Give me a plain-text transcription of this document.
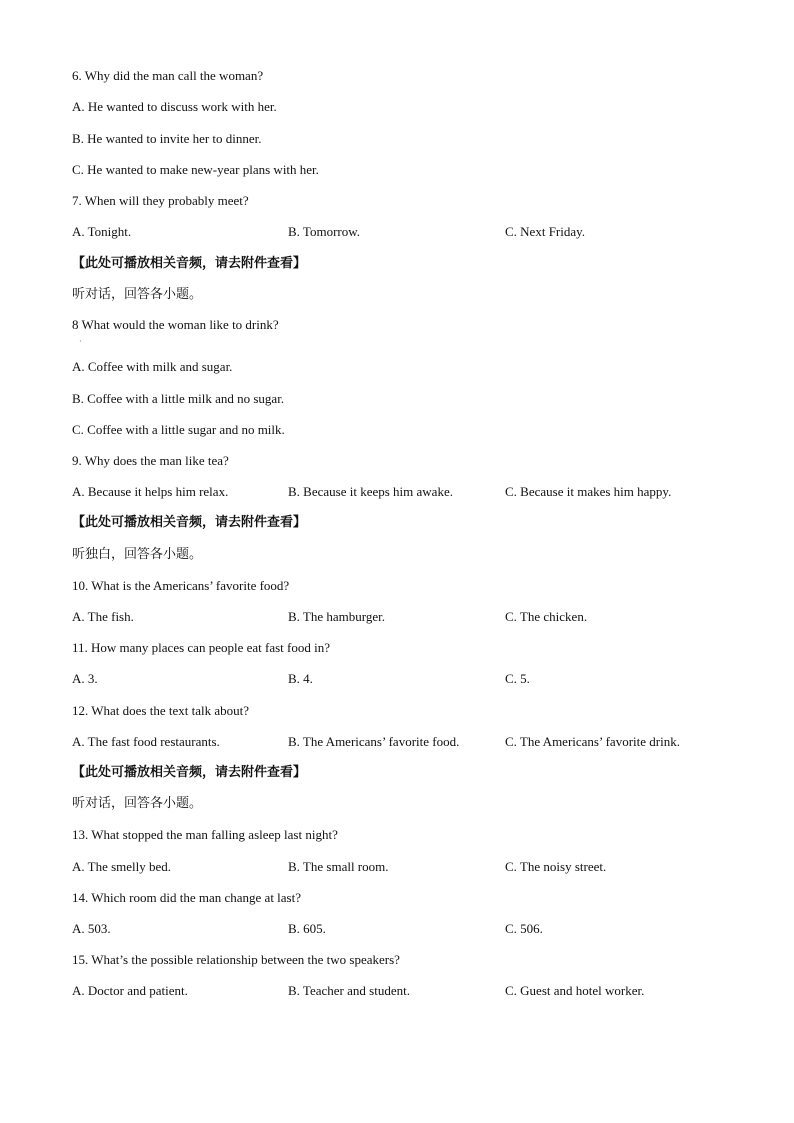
6. Why did the man call the woman?
A. He wanted to discuss work with her.
B. He wanted to invite her to dinner.
C. He wanted to make new-year plans with her.
7. When will they probably meet?
A. Tonight.	B. Tomorrow.	C. Next Friday.
【此处可播放相关音频，请去附件查看】
听对话，回答各小题。
8 What would the woman like to drink?
·
A. Coffee with milk and sugar.
B. Coffee with a little milk and no sugar.
C. Coffee with a little sugar and no milk.
9. Why does the man like tea?
A. Because it helps him relax.	B. Because it keeps him awake.	C. Because it makes him happy.
【此处可播放相关音频，请去附件查看】
听独白，回答各小题。
10. What is the Americans’ favorite food?
A. The fish.	B. The hamburger.	C. The chicken.
11. How many places can people eat fast food in?
A. 3.	B. 4.	C. 5.
12. What does the text talk about?
A. The fast food restaurants.	B. The Americans’ favorite food.	C. The Americans’ favorite drink.
【此处可播放相关音频，请去附件查看】
听对话，回答各小题。
13. What stopped the man falling asleep last night?
A. The smelly bed.	B. The small room.	C. The noisy street.
14. Which room did the man change at last?
A. 503.	B. 605.	C. 506.
15. What’s the possible relationship between the two speakers?
A. Doctor and patient.	B. Teacher and student.	C. Guest and hotel worker.
